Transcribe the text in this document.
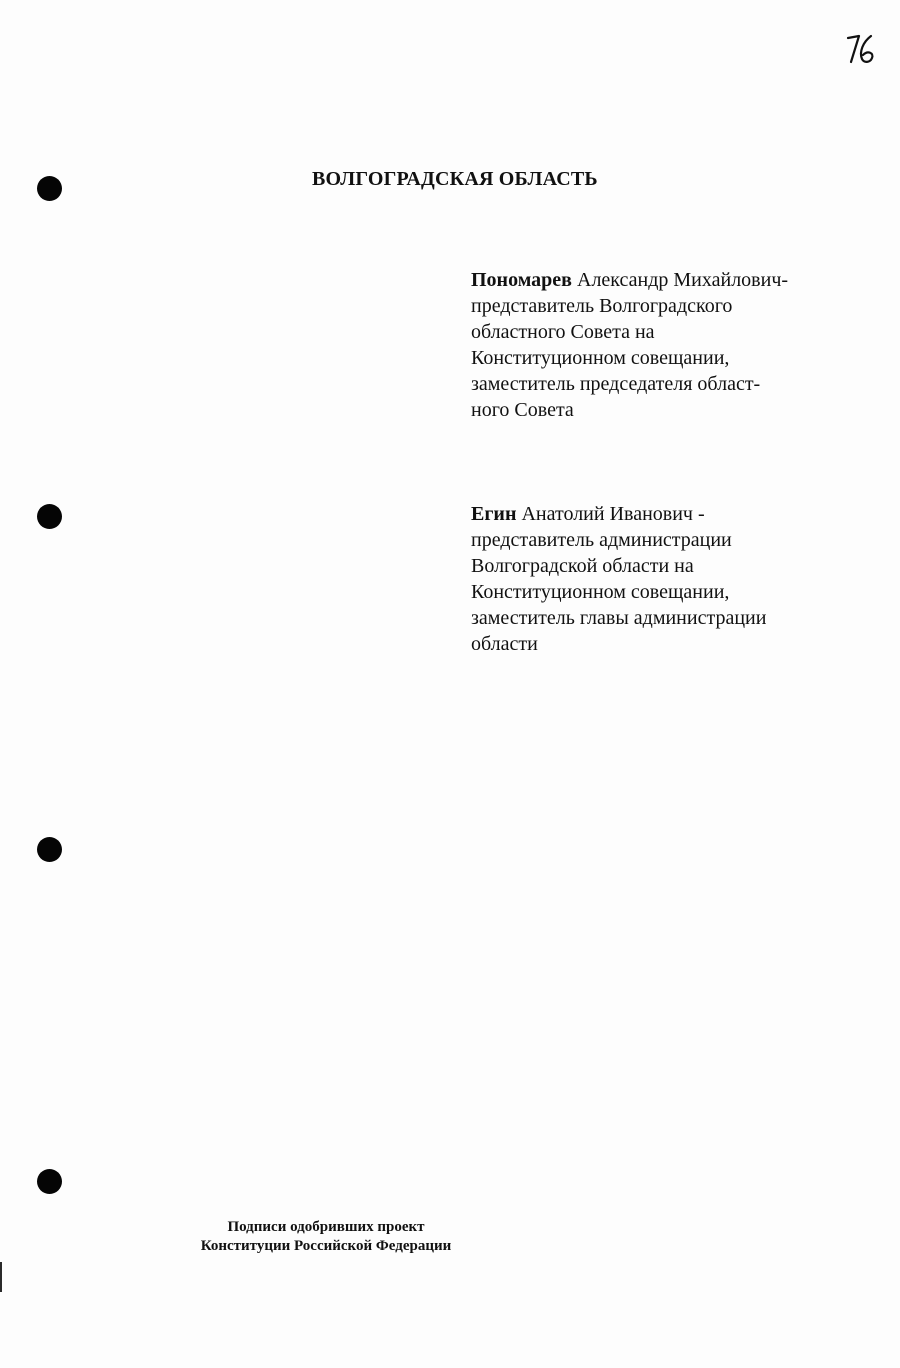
ВОЛГОГРАДСКАЯ ОБЛАСТЬ
Пономарев Александр Михайлович-
представитель Волгоградского
областного Совета на
Конституционном совещании,
заместитель председателя област-
ного Совета
Егин Анатолий Иванович -
представитель администрации
Волгоградской области на
Конституционном совещании,
заместитель главы администрации
области
Подписи одобривших проект
Конституции Российской Федерации
